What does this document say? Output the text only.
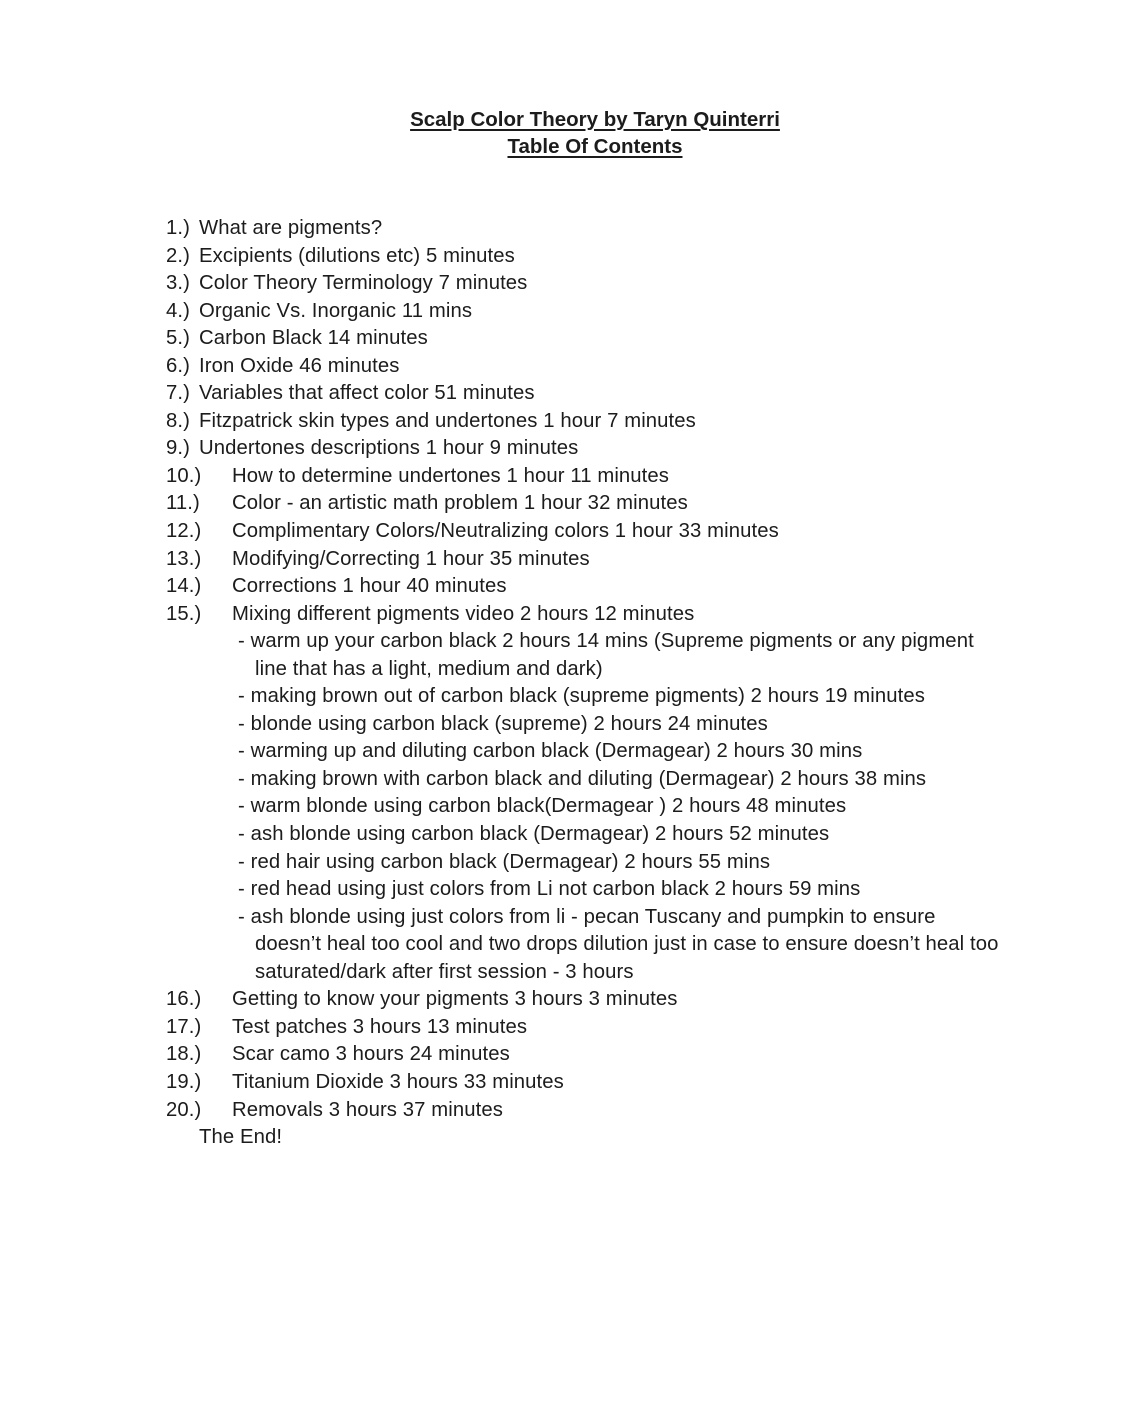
Scalp Color Theory by Taryn Quinterri
Table Of Contents
1.) What are pigments?
2.) Excipients (dilutions etc) 5 minutes
3.) Color Theory Terminology 7 minutes
4.) Organic Vs. Inorganic 11 mins
5.) Carbon Black 14 minutes
6.) Iron Oxide 46 minutes
7.) Variables that affect color 51 minutes
8.) Fitzpatrick skin types and undertones 1 hour 7 minutes
9.) Undertones descriptions 1 hour 9 minutes
10.) How to determine undertones 1 hour 11 minutes
11.) Color - an artistic math problem 1 hour 32 minutes
12.) Complimentary Colors/Neutralizing colors 1 hour 33 minutes
13.) Modifying/Correcting 1 hour 35 minutes
14.) Corrections 1 hour 40 minutes
15.) Mixing different pigments video 2 hours 12 minutes
- warm up your carbon black 2 hours 14 mins (Supreme pigments or any pigment
line that has a light, medium and dark)
- making brown out of carbon black (supreme pigments) 2 hours 19 minutes
- blonde using carbon black (supreme) 2 hours 24 minutes
- warming up and diluting carbon black (Dermagear) 2 hours 30 mins
- making brown with carbon black and diluting (Dermagear) 2 hours 38 mins
- warm blonde using carbon black(Dermagear ) 2 hours 48 minutes
- ash blonde using carbon black (Dermagear) 2 hours 52 minutes
- red hair using carbon black (Dermagear) 2 hours 55 mins
- red head using just colors from Li not carbon black 2 hours 59 mins
- ash blonde using just colors from li - pecan Tuscany and pumpkin to ensure
doesn’t heal too cool and two drops dilution just in case to ensure doesn’t heal too
saturated/dark after first session - 3 hours
16.) Getting to know your pigments 3 hours 3 minutes
17.) Test patches 3 hours 13 minutes
18.) Scar camo 3 hours 24 minutes
19.) Titanium Dioxide 3 hours 33 minutes
20.) Removals 3 hours 37 minutes
The End!
